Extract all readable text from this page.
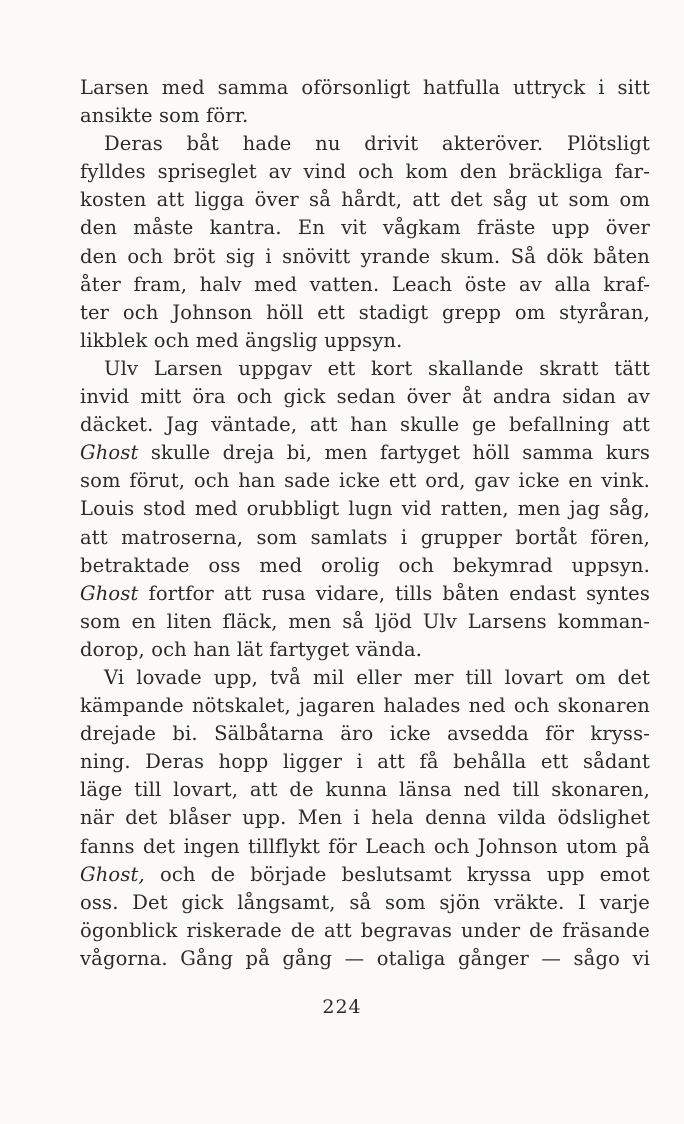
Larsen med samma oförsonligt hatfulla uttryck i sitt
ansikte som förr.
Deras båt hade nu drivit akteröver. Plötsligt
fylldes spriseglet av vind och kom den bräckliga far-
kosten att ligga över så hårdt, att det såg ut som om
den måste kantra. En vit vågkam fräste upp över
den och bröt sig i snövitt yrande skum. Så dök båten
åter fram, halv med vatten. Leach öste av alla kraf-
ter och Johnson höll ett stadigt grepp om styråran,
likblek och med ängslig uppsyn.
Ulv Larsen uppgav ett kort skallande skratt tätt
invid mitt öra och gick sedan över åt andra sidan av
däcket. Jag väntade, att han skulle ge befallning att
Ghost skulle dreja bi, men fartyget höll samma kurs
som förut, och han sade icke ett ord, gav icke en vink.
Louis stod med orubbligt lugn vid ratten, men jag såg,
att matroserna, som samlats i grupper bortåt fören,
betraktade oss med orolig och bekymrad uppsyn.
Ghost fortfor att rusa vidare, tills båten endast syntes
som en liten fläck, men så ljöd Ulv Larsens komman-
dorop, och han lät fartyget vända.
Vi lovade upp, två mil eller mer till lovart om det
kämpande nötskalet, jagaren halades ned och skonaren
drejade bi. Sälbåtarna äro icke avsedda för kryss-
ning. Deras hopp ligger i att få behålla ett sådant
läge till lovart, att de kunna länsa ned till skonaren,
när det blåser upp. Men i hela denna vilda ödslighet
fanns det ingen tillflykt för Leach och Johnson utom på
Ghost, och de började beslutsamt kryssa upp emot
oss. Det gick långsamt, så som sjön vräkte. I varje
ögonblick riskerade de att begravas under de fräsande
vågorna. Gång på gång — otaliga gånger — sågo vi
224
